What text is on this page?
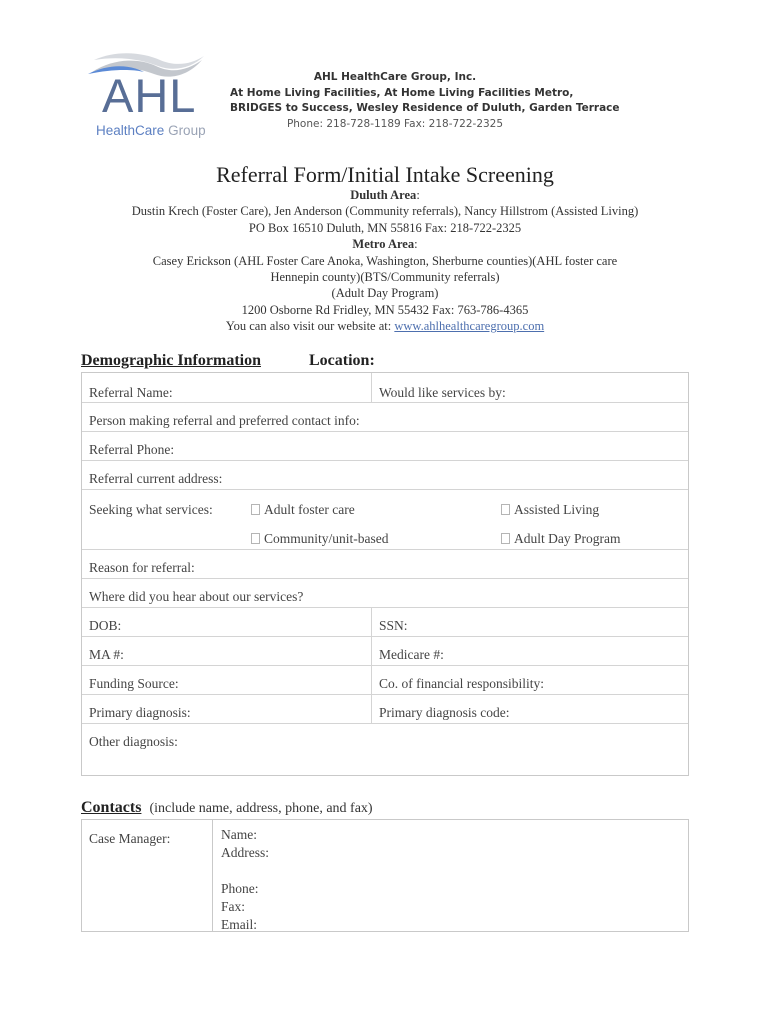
AHL
HealthCare Group
AHL HealthCare Group, Inc.
At Home Living Facilities, At Home Living Facilities Metro,
BRIDGES to Success, Wesley Residence of Duluth, Garden Terrace
Phone: 218-728-1189 Fax: 218-722-2325
Referral Form/Initial Intake Screening
Duluth Area:
Dustin Krech (Foster Care), Jen Anderson (Community referrals), Nancy Hillstrom (Assisted Living)
PO Box 16510 Duluth, MN 55816 Fax: 218-722-2325
Metro Area:
Casey Erickson (AHL Foster Care Anoka, Washington, Sherburne counties)(AHL foster care
Hennepin county)(BTS/Community referrals)
(Adult Day Program)
1200 Osborne Rd Fridley, MN 55432 Fax: 763-786-4365
You can also visit our website at: www.ahlhealthcaregroup.com
Demographic Information	Location:
Referral Name:	Would like services by:
Person making referral and preferred contact info:
Referral Phone:
Referral current address:
Seeking what services:	Adult foster care	Assisted Living
Community/unit-based	Adult Day Program
Reason for referral:
Where did you hear about our services?
DOB:	SSN:
MA #:	Medicare #:
Funding Source:	Co. of financial responsibility:
Primary diagnosis:	Primary diagnosis code:
Other diagnosis:
Contacts (include name, address, phone, and fax)
Case Manager:	Name:
Address:
Phone:
Fax:
Email:
